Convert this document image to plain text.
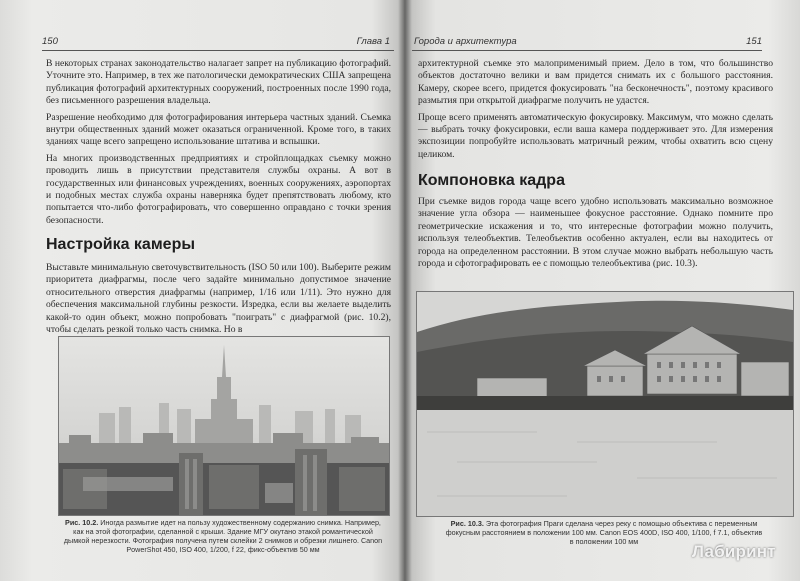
150	Глава 1

В некоторых странах законодательство налагает запрет на публикацию фотографий. Уточните это. Например, в тех же патологически демократических США запрещена публикация фотографий архитектурных сооружений, построенных после 1990 года, без письменного разрешения владельца.

Разрешение необходимо для фотографирования интерьера частных зданий. Съемка внутри общественных зданий может оказаться ограниченной. Кроме того, в таких зданиях чаще всего запрещено использование штатива и вспышки.

На многих производственных предприятиях и стройплощадках съемку можно проводить лишь в присутствии представителя службы охраны. А вот в государственных или финансовых учреждениях, военных сооружениях, аэропортах и подобных местах служба охраны наверняка будет препятствовать любому, кто попытается что-либо фотографировать, что совершенно оправдано с точки зрения безопасности.

Настройка камеры

Выставьте минимальную светочувствительность (ISO 50 или 100). Выберите режим приоритета диафрагмы, после чего задайте минимально допустимое значение относительного отверстия диафрагмы (например, 1/16 или 1/11). Это нужно для обеспечения максимальной глубины резкости. Изредка, если вы желаете выделить какой-то один объект, можно попробовать "поиграть" с диафрагмой (рис. 10.2), чтобы сделать резкой только часть снимка. Но в

Рис. 10.2. Иногда размытие идет на пользу художественному содержанию снимка. Например, как на этой фотографии, сделанной с крыши. Здание МГУ окутано этакой романтической дымкой нерезкости. Фотография получена путем склейки 2 снимков и обрезки лишнего. Canon PowerShot 450, ISO 400, 1/200, f 22, фикс-объектив 50 мм
Города и архитектура	151

архитектурной съемке это малоприменимый прием. Дело в том, что большинство объектов достаточно велики и вам придется снимать их с большого расстояния. Камеру, скорее всего, придется фокусировать "на бесконечность", поэтому красивого размытия при открытой диафрагме получить не удастся.

Проще всего применять автоматическую фокусировку. Максимум, что можно сделать — выбрать точку фокусировки, если ваша камера поддерживает это. Для измерения экспозиции попробуйте использовать матричный режим, чтобы охватить всю сцену целиком.

Компоновка кадра

При съемке видов города чаще всего удобно использовать максимально возможное значение угла обзора — наименьшее фокусное расстояние. Однако помните про геометрические искажения и то, что интересные фотографии можно получить, используя телеобъектив. Телеобъектив особенно актуален, если вы находитесь от города на определенном расстоянии. В этом случае можно выбрать небольшую часть города и сфотографировать ее с помощью телеобъектива (рис. 10.3).

Рис. 10.3. Эта фотография Праги сделана через реку с помощью объектива с переменным фокусным расстоянием в положении 100 мм. Canon EOS 400D, ISO 400, 1/100, f 7.1, объектив в положении 100 мм
Лабиринт
